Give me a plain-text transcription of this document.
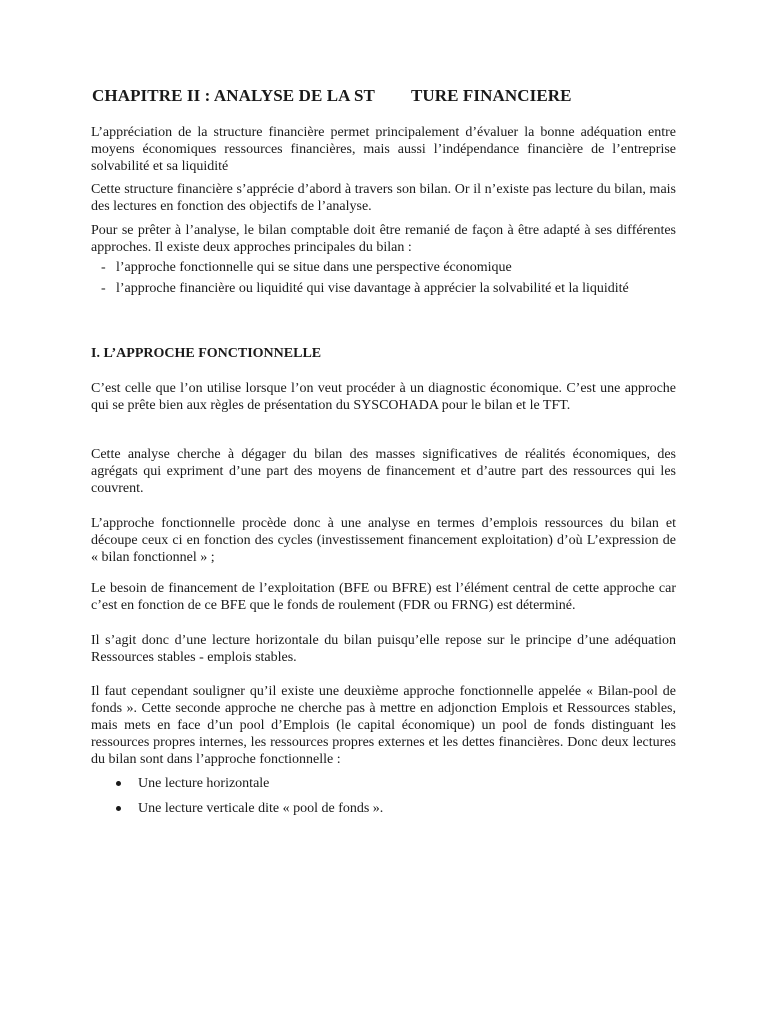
CHAPITRE II : ANALYSE DE LA ST TURE FINANCIERE
L’appréciation de la structure financière permet principalement d’évaluer la bonne adéquation entre moyens économiques ressources financières, mais aussi l’indépendance financière de l’entreprise solvabilité et sa liquidité
Cette structure financière s’apprécie d’abord à travers son bilan. Or il n’existe pas lecture du bilan, mais des lectures en fonction des objectifs de l’analyse.
Pour se prêter à l’analyse, le bilan comptable doit être remanié de façon à être adapté à ses différentes approches. Il existe deux approches principales du bilan :
- l’approche fonctionnelle qui se situe dans une perspective économique
- l’approche financière ou liquidité qui vise davantage à apprécier la solvabilité et la liquidité
I. L’APPROCHE FONCTIONNELLE
C’est celle que l’on utilise lorsque l’on veut procéder à un diagnostic économique. C’est une approche qui se prête bien aux règles de présentation du SYSCOHADA pour le bilan et le TFT.
Cette analyse cherche à dégager du bilan des masses significatives de réalités économiques, des agrégats qui expriment d’une part des moyens de financement et d’autre part des ressources qui les couvrent.
L’approche fonctionnelle procède donc à une analyse en termes d’emplois ressources du bilan et découpe ceux ci en fonction des cycles (investissement financement exploitation) d’où L’expression de « bilan fonctionnel » ;
Le besoin de financement de l’exploitation (BFE ou BFRE) est l’élément central de cette approche car c’est en fonction de ce BFE que le fonds de roulement (FDR ou FRNG) est déterminé.
Il s’agit donc d’une lecture horizontale du bilan puisqu’elle repose sur le principe d’une adéquation Ressources stables - emplois stables.
Il faut cependant souligner qu’il existe une deuxième approche fonctionnelle appelée « Bilan-pool de fonds ». Cette seconde approche ne cherche pas à mettre en adjonction Emplois et Ressources stables, mais mets en face d’un pool d’Emplois (le capital économique) un pool de fonds distinguant les ressources propres internes, les ressources propres externes et les dettes financières. Donc deux lectures du bilan sont dans l’approche fonctionnelle :
Une lecture horizontale
Une lecture verticale dite « pool de fonds ».
